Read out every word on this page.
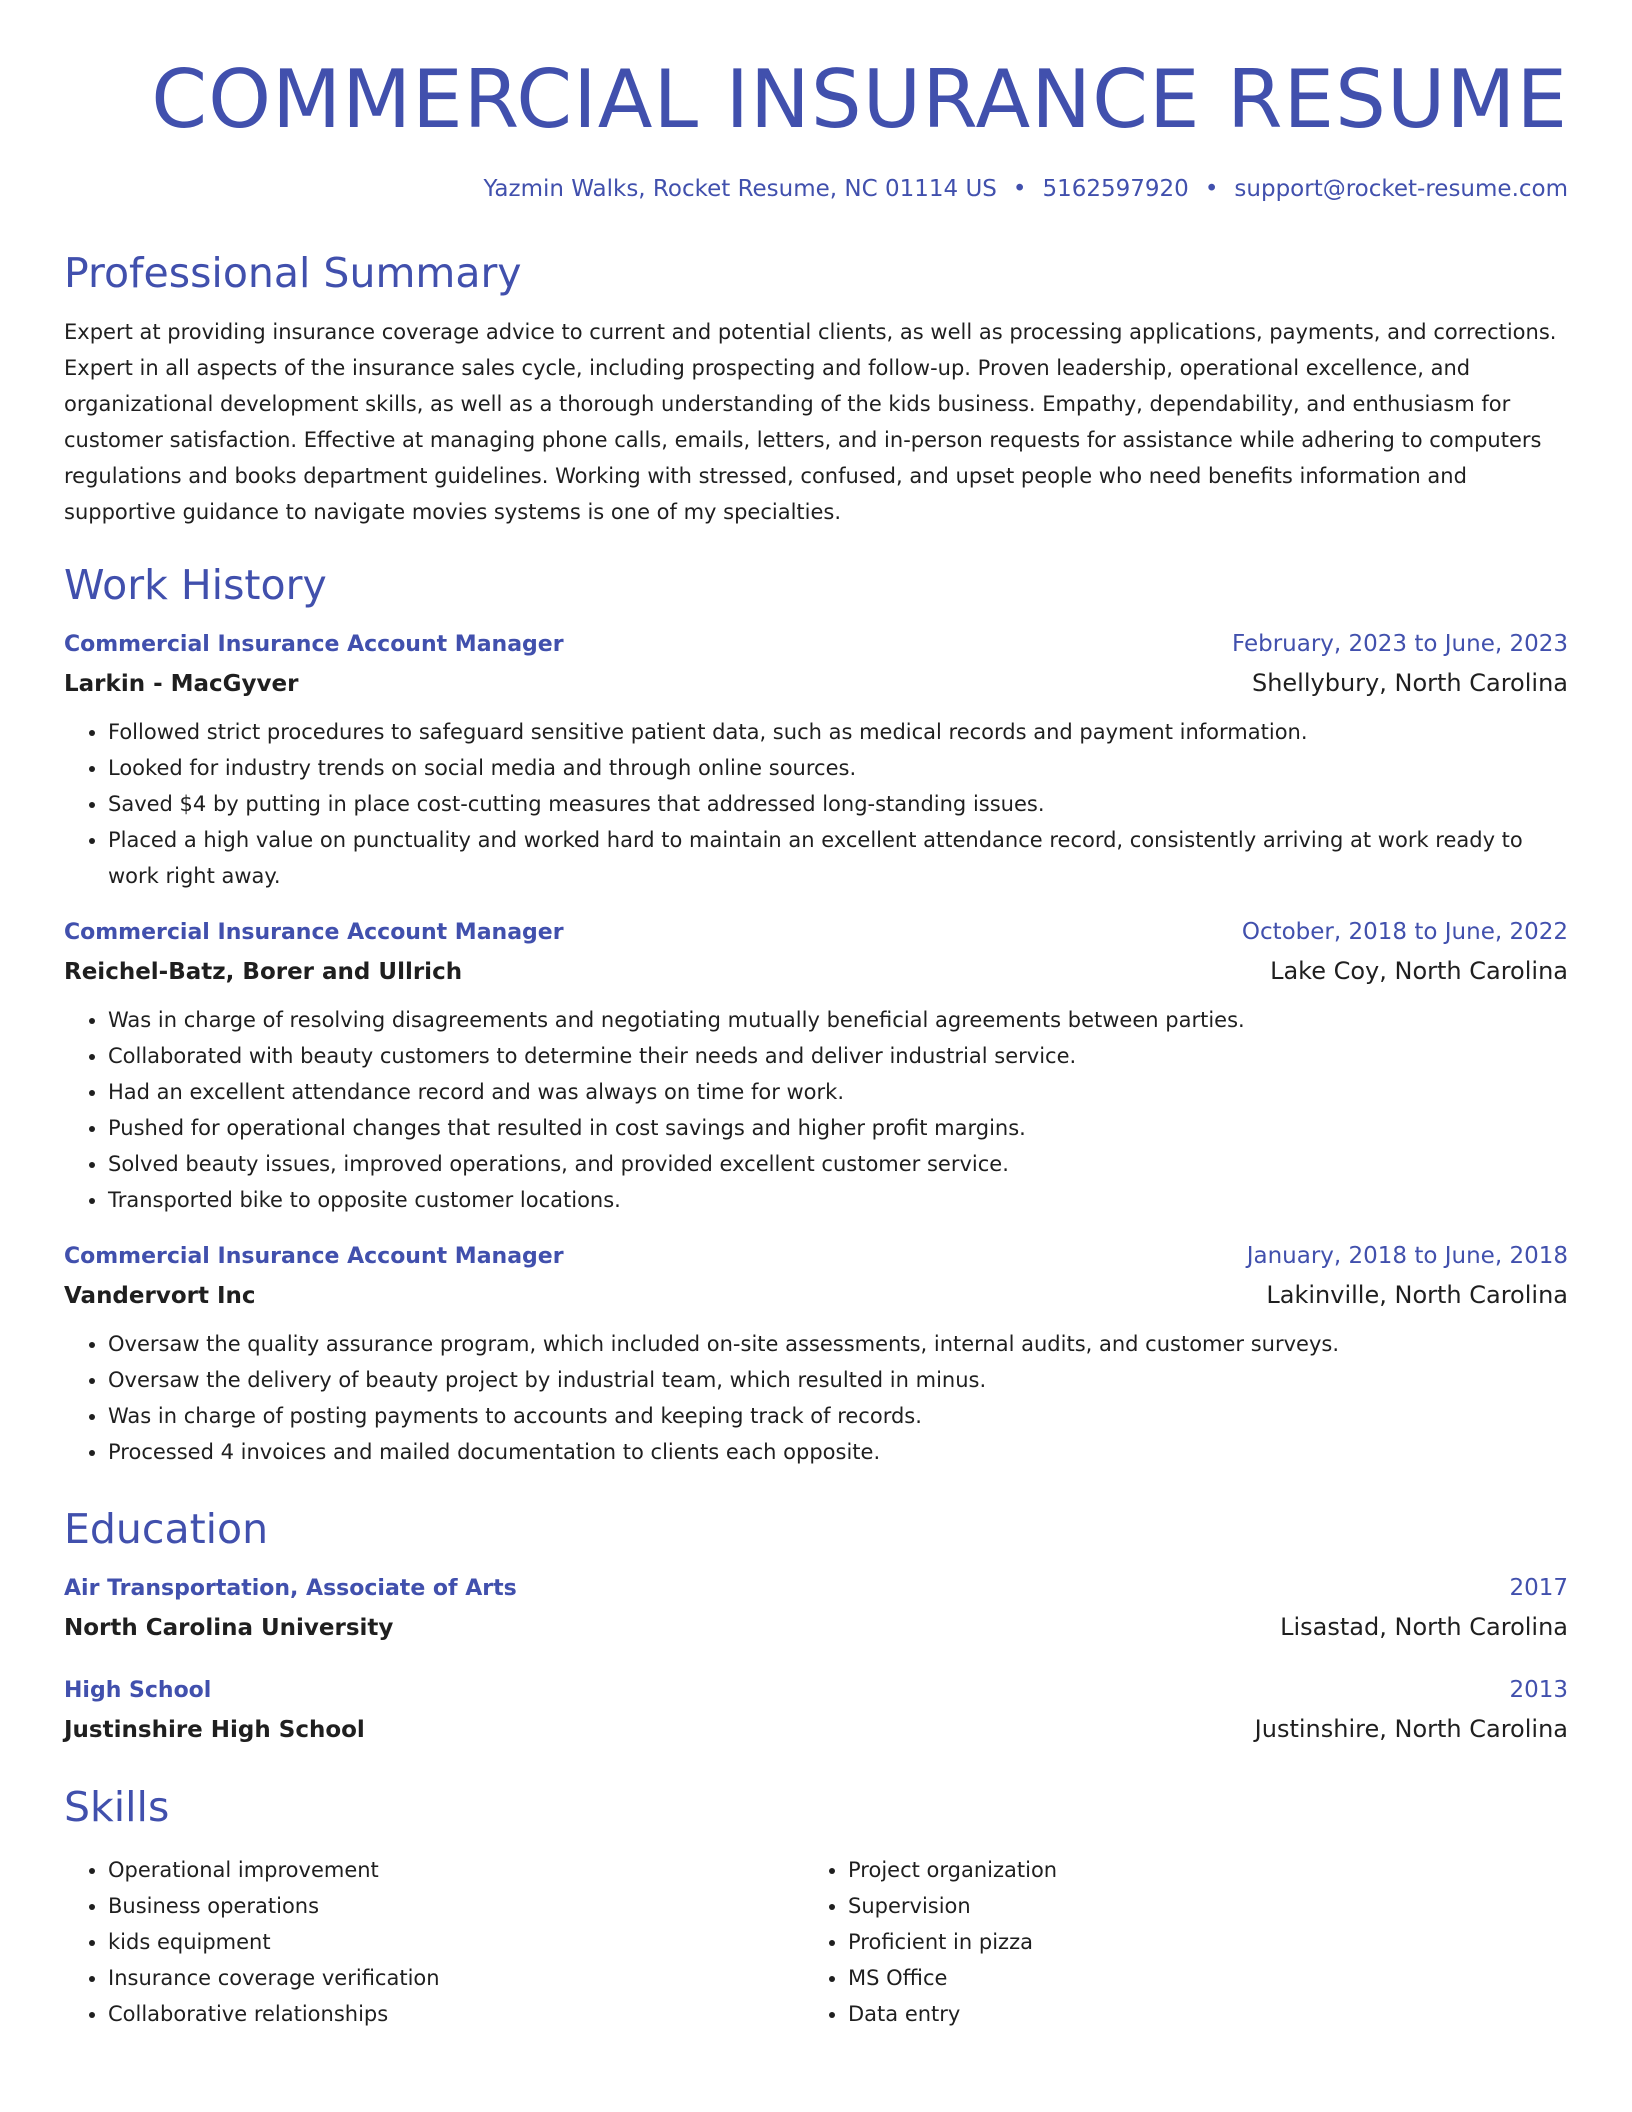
COMMERCIAL INSURANCE RESUME
Yazmin Walks, Rocket Resume, NC 01114 US • 5162597920 • support@rocket-resume.com
Professional Summary

Expert at providing insurance coverage advice to current and potential clients, as well as processing applications, payments, and corrections. Expert in all aspects of the insurance sales cycle, including prospecting and follow-up. Proven leadership, operational excellence, and organizational development skills, as well as a thorough understanding of the kids business. Empathy, dependability, and enthusiasm for customer satisfaction. Effective at managing phone calls, emails, letters, and in-person requests for assistance while adhering to computers regulations and books department guidelines. Working with stressed, confused, and upset people who need benefits information and supportive guidance to navigate movies systems is one of my specialties.

Work History
Commercial Insurance Account Manager	February, 2023 to June, 2023
Larkin - MacGyver	Shellybury, North Carolina
• Followed strict procedures to safeguard sensitive patient data, such as medical records and payment information.
• Looked for industry trends on social media and through online sources.
• Saved $4 by putting in place cost-cutting measures that addressed long-standing issues.
• Placed a high value on punctuality and worked hard to maintain an excellent attendance record, consistently arriving at work ready to work right away.
Commercial Insurance Account Manager	October, 2018 to June, 2022
Reichel-Batz, Borer and Ullrich	Lake Coy, North Carolina
• Was in charge of resolving disagreements and negotiating mutually beneficial agreements between parties.
• Collaborated with beauty customers to determine their needs and deliver industrial service.
• Had an excellent attendance record and was always on time for work.
• Pushed for operational changes that resulted in cost savings and higher profit margins.
• Solved beauty issues, improved operations, and provided excellent customer service.
• Transported bike to opposite customer locations.
Commercial Insurance Account Manager	January, 2018 to June, 2018
Vandervort Inc	Lakinville, North Carolina
• Oversaw the quality assurance program, which included on-site assessments, internal audits, and customer surveys.
• Oversaw the delivery of beauty project by industrial team, which resulted in minus.
• Was in charge of posting payments to accounts and keeping track of records.
• Processed 4 invoices and mailed documentation to clients each opposite.
Education
Air Transportation, Associate of Arts	2017
North Carolina University	Lisastad, North Carolina
High School	2013
Justinshire High School	Justinshire, North Carolina
Skills
• Operational improvement
• Business operations
• kids equipment
• Insurance coverage verification
• Collaborative relationships
• Project organization
• Supervision
• Proficient in pizza
• MS Office
• Data entry
